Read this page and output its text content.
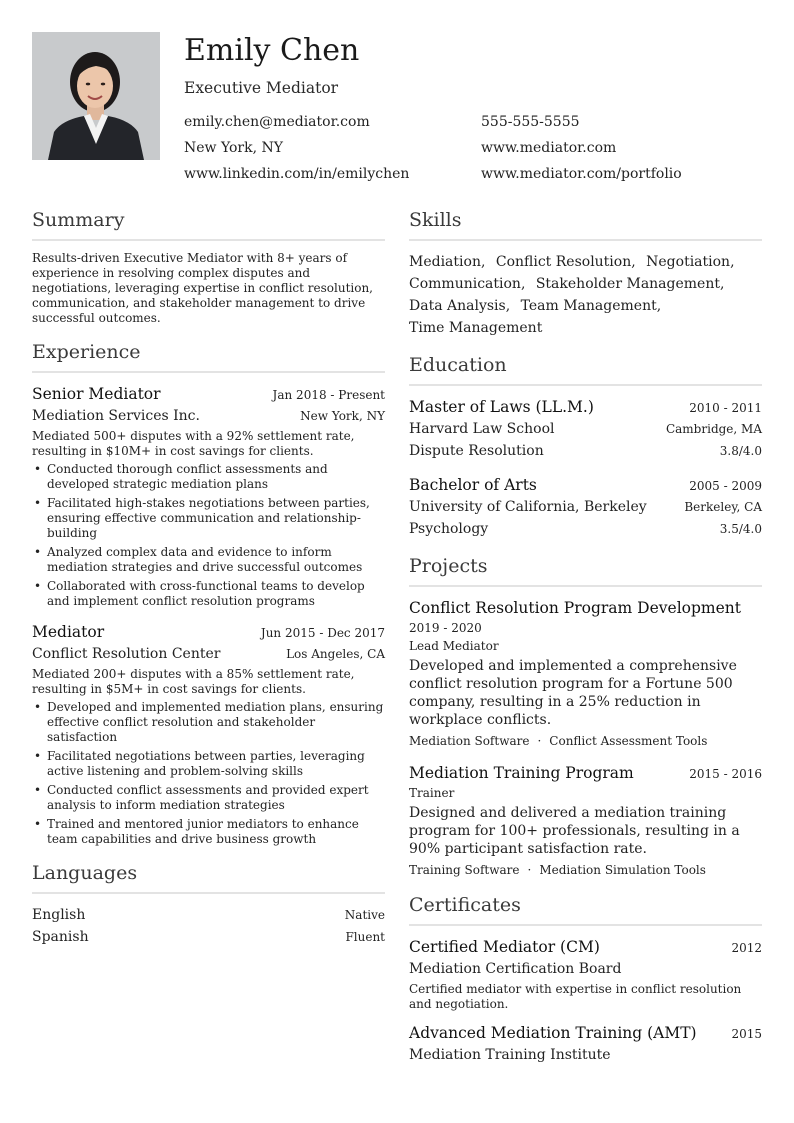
Emily Chen
Executive Mediator
emily.chen@mediator.com	555-555-5555
New York, NY	www.mediator.com
www.linkedin.com/in/emilychen	www.mediator.com/portfolio
Summary

Results-driven Executive Mediator with 8+ years of experience in resolving complex disputes and negotiations, leveraging expertise in conflict resolution, communication, and stakeholder management to drive successful outcomes.

Experience
Senior Mediator	Jan 2018 - Present
Mediation Services Inc.	New York, NY

Mediated 500+ disputes with a 92% settlement rate, resulting in $10M+ in cost savings for clients.

• Conducted thorough conflict assessments and developed strategic mediation plans
• Facilitated high-stakes negotiations between parties, ensuring effective communication and relationship-building
• Analyzed complex data and evidence to inform mediation strategies and drive successful outcomes
• Collaborated with cross-functional teams to develop and implement conflict resolution programs
Mediator	Jun 2015 - Dec 2017
Conflict Resolution Center	Los Angeles, CA

Mediated 200+ disputes with a 85% settlement rate, resulting in $5M+ in cost savings for clients.

• Developed and implemented mediation plans, ensuring effective conflict resolution and stakeholder satisfaction
• Facilitated negotiations between parties, leveraging active listening and problem-solving skills
• Conducted conflict assessments and provided expert analysis to inform mediation strategies
• Trained and mentored junior mediators to enhance team capabilities and drive business growth
Languages
English	Native
Spanish	Fluent
Skills

Mediation, Conflict Resolution, Negotiation, Communication, Stakeholder Management, Data Analysis, Team Management, Time Management

Education
Master of Laws (LL.M.)	2010 - 2011
Harvard Law School	Cambridge, MA
Dispute Resolution	3.8/4.0
Bachelor of Arts	2005 - 2009
University of California, Berkeley	Berkeley, CA
Psychology	3.5/4.0
Projects
Conflict Resolution Program Development
2019 - 2020
Lead Mediator

Developed and implemented a comprehensive conflict resolution program for a Fortune 500 company, resulting in a 25% reduction in workplace conflicts.

Mediation Software · Conflict Assessment Tools
Mediation Training Program	2015 - 2016
Trainer

Designed and delivered a mediation training program for 100+ professionals, resulting in a 90% participant satisfaction rate.

Training Software · Mediation Simulation Tools
Certificates
Certified Mediator (CM)	2012
Mediation Certification Board

Certified mediator with expertise in conflict resolution and negotiation.

Advanced Mediation Training (AMT)	2015
Mediation Training Institute
